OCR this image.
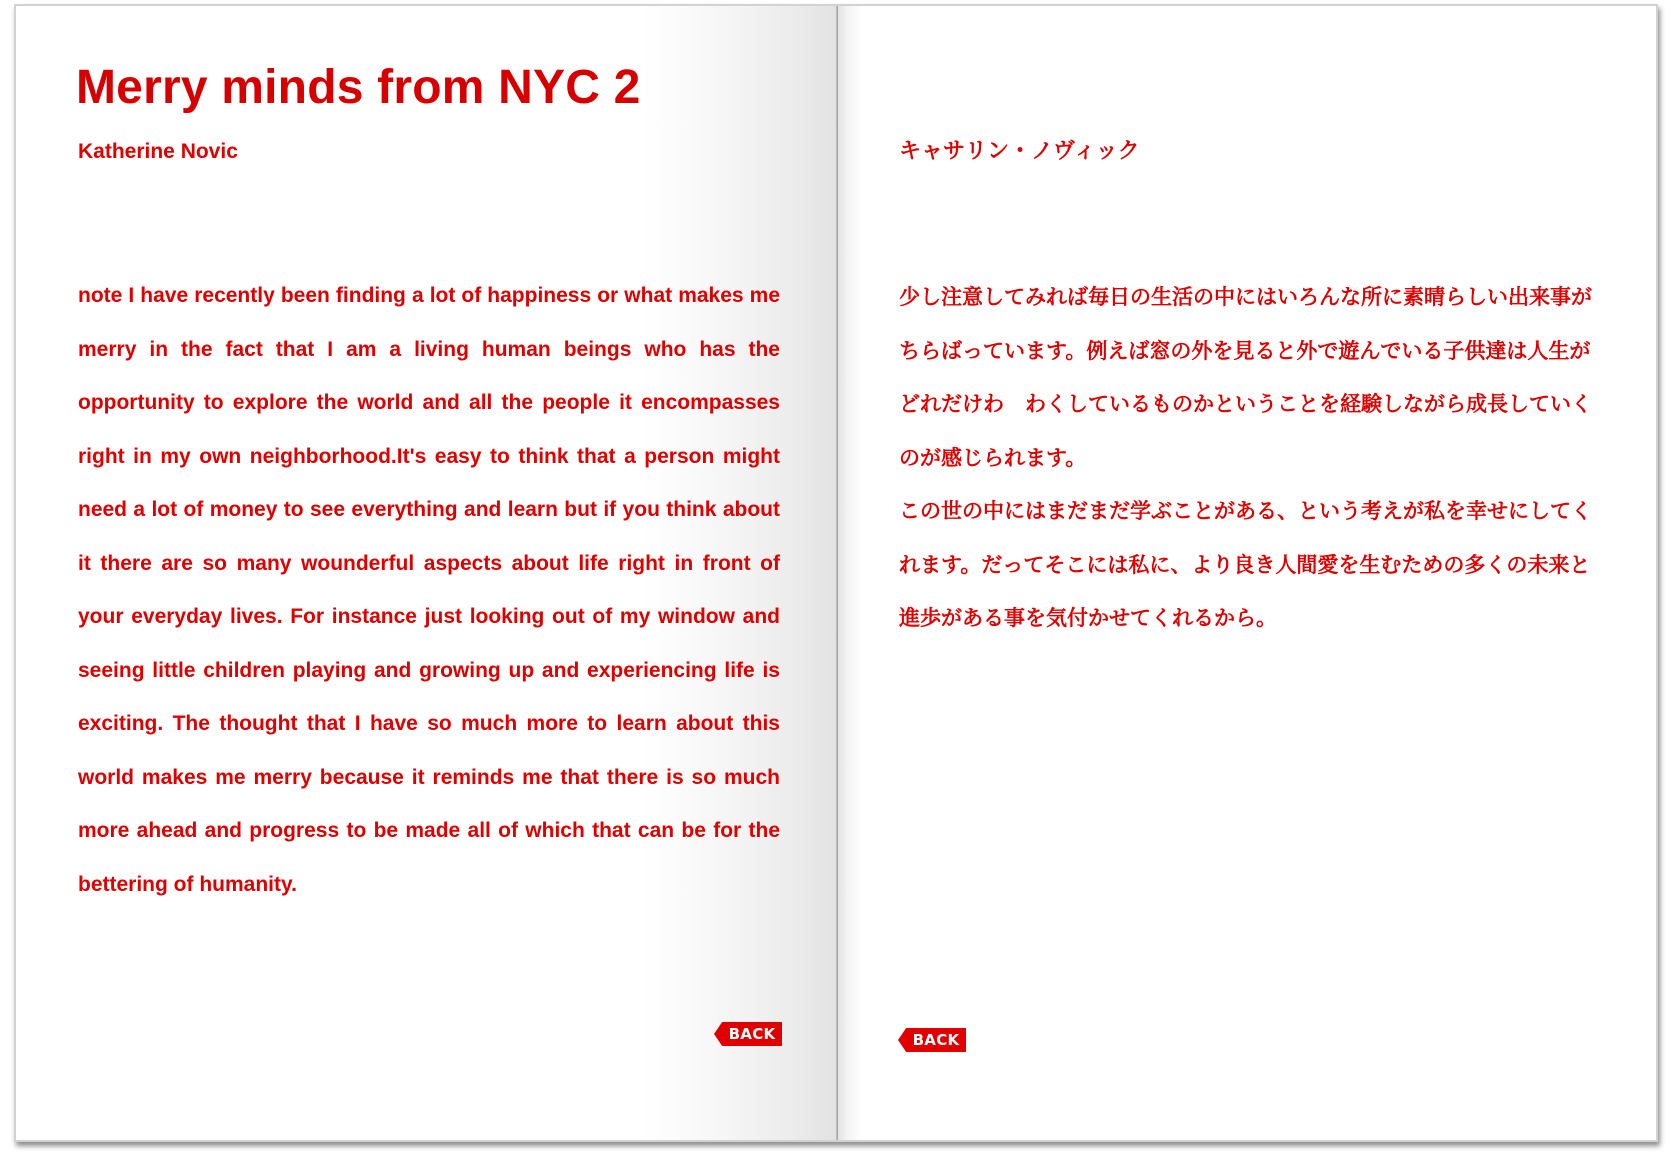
Merry minds from NYC 2
Katherine Novic

note I have recently been finding a lot of happiness or what makes me merry in the fact that I am a living human beings who has the opportunity to explore the world and all the people it encompasses right in my own neighborhood.It's easy to think that a person might need a lot of money to see everything and learn but if you think about it there are so many wounderful aspects about life right in front of your everyday lives. For instance just looking out of my window and seeing little children playing and growing up and experiencing life is exciting. The thought that I have so much more to learn about this world makes me merry because it reminds me that there is so much more ahead and progress to be made all of which that can be for the bettering of humanity.

BACK
キャサリン・ノヴィック

少し注意してみれば毎日の生活の中にはいろんな所に素晴らしい出来事がちらばっています。例えば窓の外を見ると外で遊んでいる子供達は人生がどれだけわ　わくしているものかということを経験しながら成長していくのが感じられます。

この世の中にはまだまだ学ぶことがある、という考えが私を幸せにしてくれます。だってそこには私に、より良き人間愛を生むための多くの未来と進歩がある事を気付かせてくれるから。

BACK
